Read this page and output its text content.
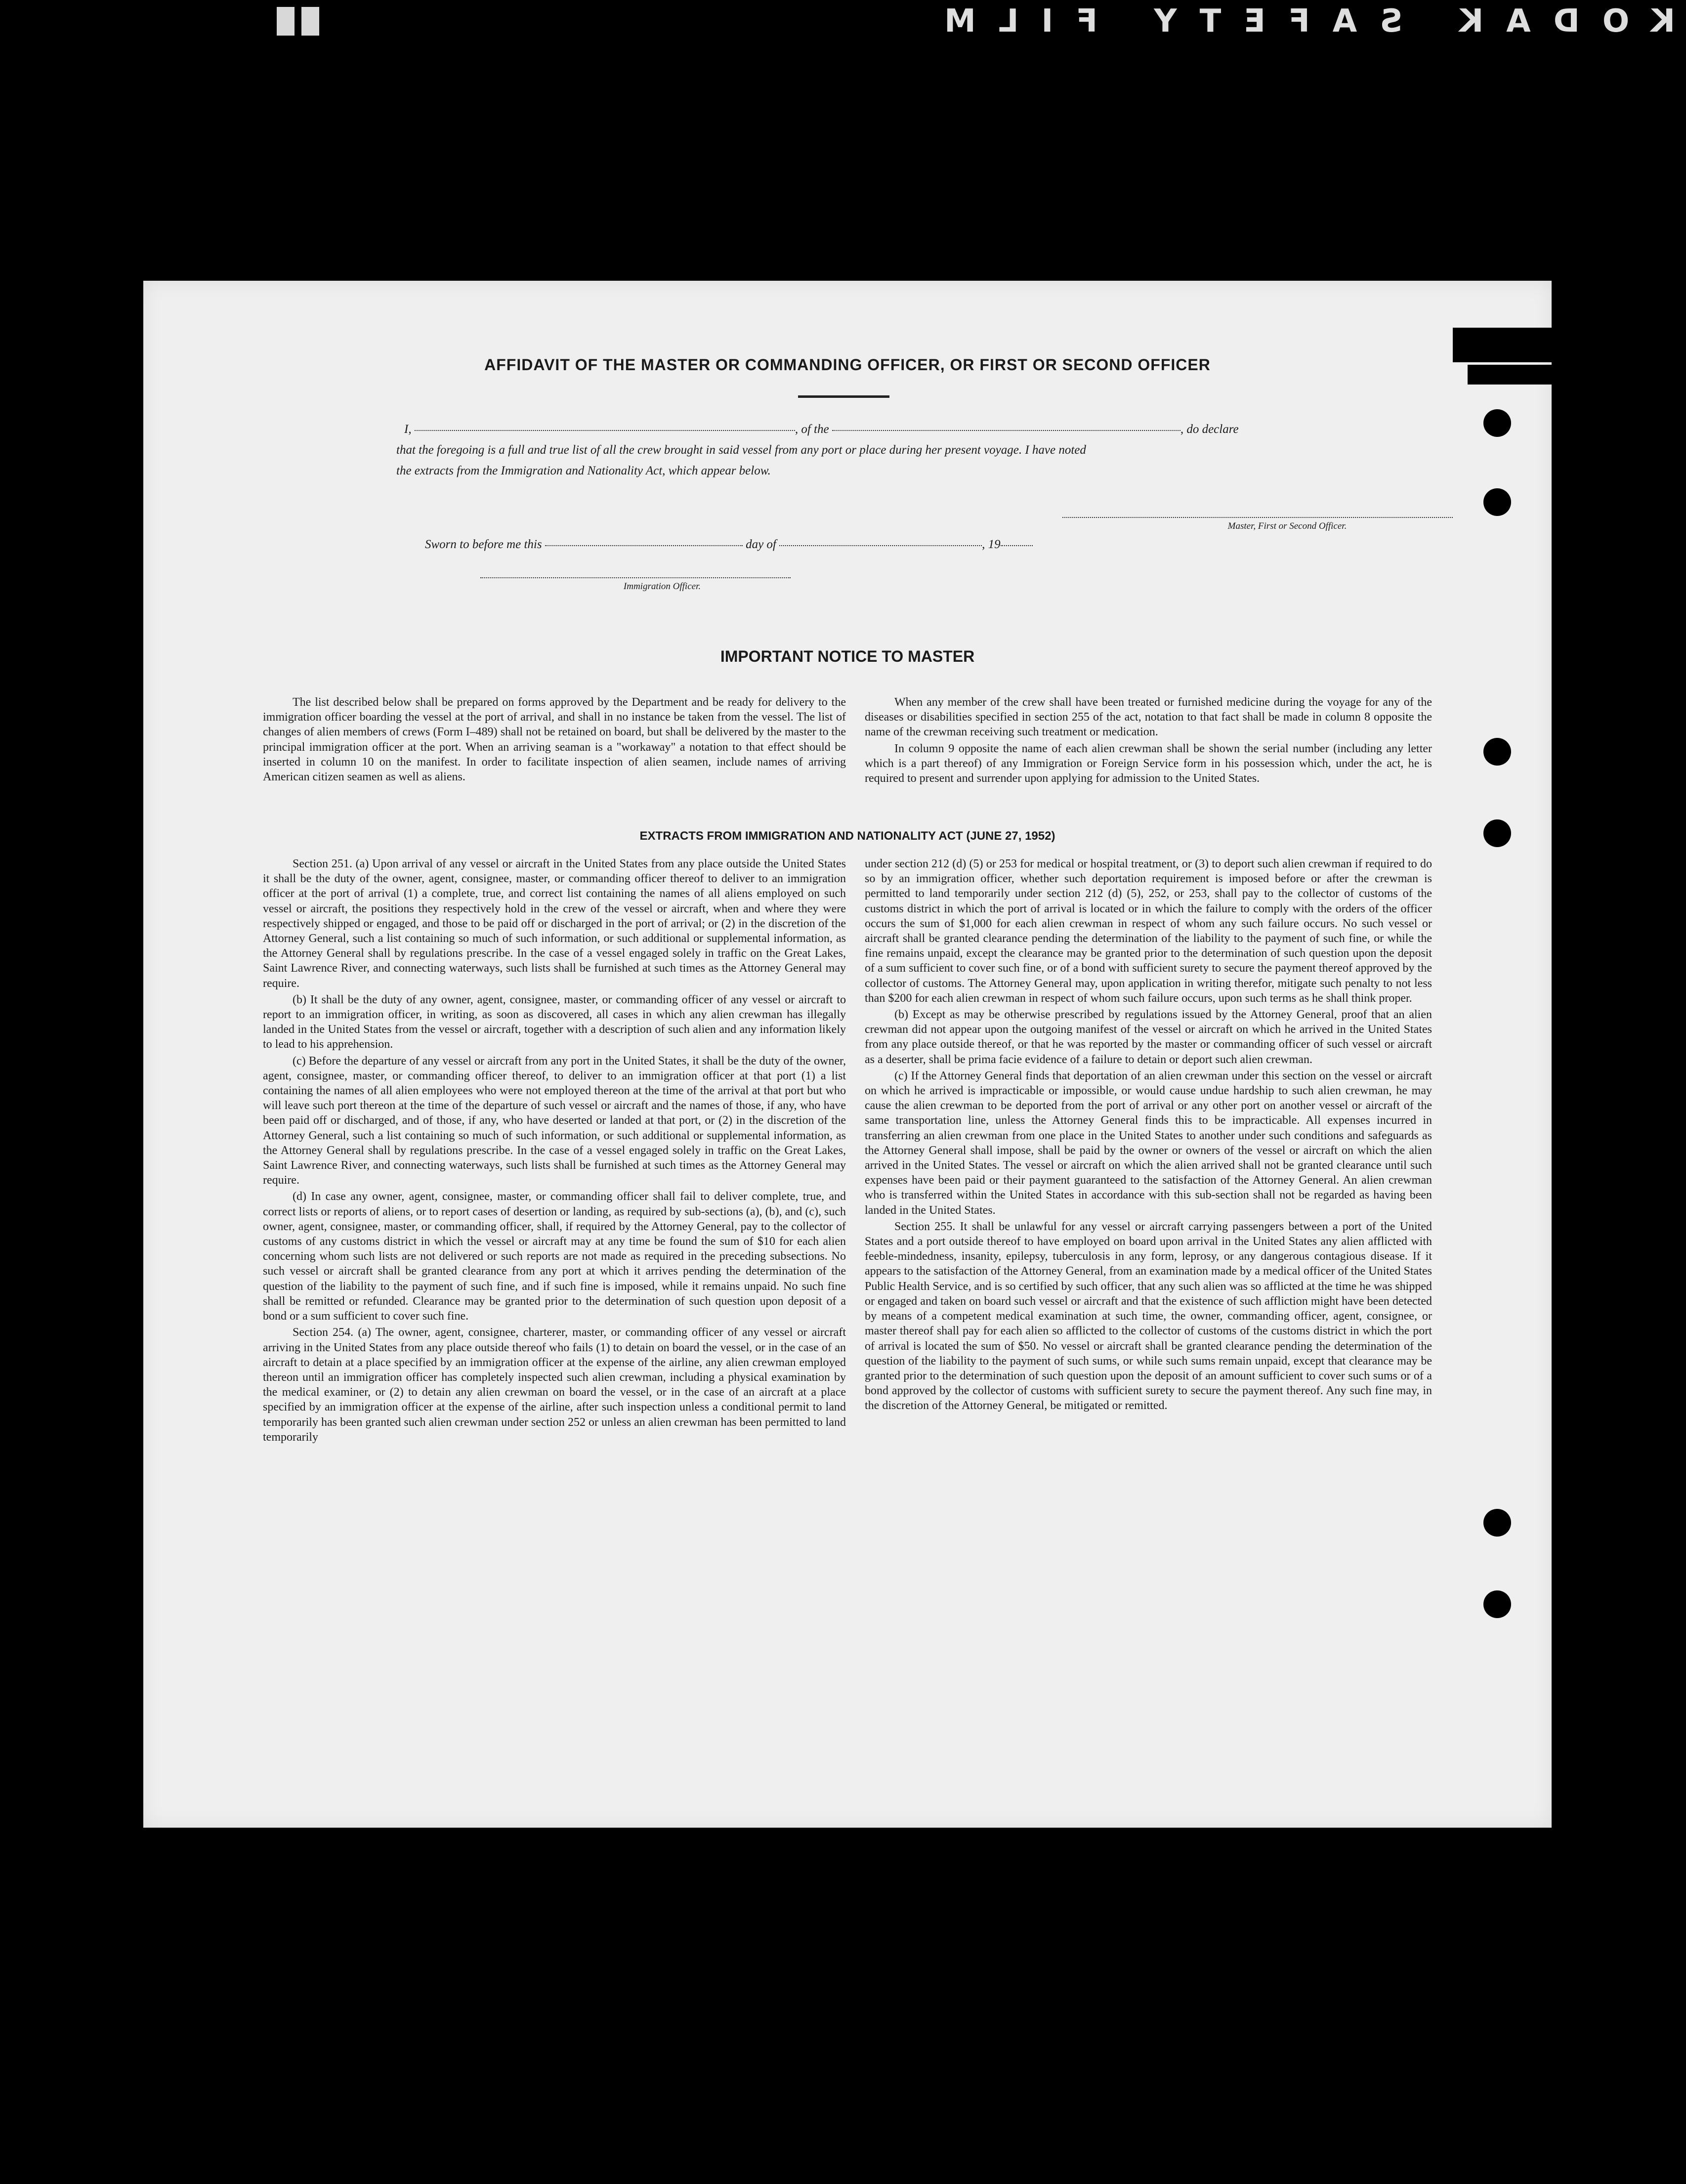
KODAK SAFETY FILM
AFFIDAVIT OF THE MASTER OR COMMANDING OFFICER, OR FIRST OR SECOND OFFICER
I,	, of the	, do declare
that the foregoing is a full and true list of all the crew brought in said vessel from any port or place during her present voyage. I have noted
the extracts from the Immigration and Nationality Act, which appear below.
Master, First or Second Officer.
Sworn to before me this	day of	, 19
Immigration Officer.
IMPORTANT NOTICE TO MASTER

The list described below shall be prepared on forms approved by the Department and be ready for delivery to the immigration officer boarding the vessel at the port of arrival, and shall in no instance be taken from the vessel. The list of changes of alien members of crews (Form I–489) shall not be retained on board, but shall be delivered by the master to the principal immigration officer at the port. When an arriving seaman is a "workaway" a notation to that effect should be inserted in column 10 on the manifest. In order to facilitate inspection of alien seamen, include names of arriving American citizen seamen as well as aliens.

When any member of the crew shall have been treated or furnished medicine during the voyage for any of the diseases or disabilities specified in section 255 of the act, notation to that fact shall be made in column 8 opposite the name of the crewman receiving such treatment or medication.

In column 9 opposite the name of each alien crewman shall be shown the serial number (including any letter which is a part thereof) of any Immigration or Foreign Service form in his possession which, under the act, he is required to present and surrender upon applying for admission to the United States.

EXTRACTS FROM IMMIGRATION AND NATIONALITY ACT (JUNE 27, 1952)

Section 251. (a) Upon arrival of any vessel or aircraft in the United States from any place outside the United States it shall be the duty of the owner, agent, consignee, master, or commanding officer thereof to deliver to an immigration officer at the port of arrival (1) a complete, true, and correct list containing the names of all aliens employed on such vessel or aircraft, the positions they respectively hold in the crew of the vessel or aircraft, when and where they were respectively shipped or engaged, and those to be paid off or discharged in the port of arrival; or (2) in the discretion of the Attorney General, such a list containing so much of such information, or such additional or supplemental information, as the Attorney General shall by regulations prescribe. In the case of a vessel engaged solely in traffic on the Great Lakes, Saint Lawrence River, and connecting waterways, such lists shall be furnished at such times as the Attorney General may require.

(b) It shall be the duty of any owner, agent, consignee, master, or commanding officer of any vessel or aircraft to report to an immigration officer, in writing, as soon as discovered, all cases in which any alien crewman has illegally landed in the United States from the vessel or aircraft, together with a description of such alien and any information likely to lead to his apprehension.

(c) Before the departure of any vessel or aircraft from any port in the United States, it shall be the duty of the owner, agent, consignee, master, or commanding officer thereof, to deliver to an immigration officer at that port (1) a list containing the names of all alien employees who were not employed thereon at the time of the arrival at that port but who will leave such port thereon at the time of the departure of such vessel or aircraft and the names of those, if any, who have been paid off or discharged, and of those, if any, who have deserted or landed at that port, or (2) in the discretion of the Attorney General, such a list containing so much of such information, or such additional or supplemental information, as the Attorney General shall by regulations prescribe. In the case of a vessel engaged solely in traffic on the Great Lakes, Saint Lawrence River, and connecting waterways, such lists shall be furnished at such times as the Attorney General may require.

(d) In case any owner, agent, consignee, master, or commanding officer shall fail to deliver complete, true, and correct lists or reports of aliens, or to report cases of desertion or landing, as required by sub-sections (a), (b), and (c), such owner, agent, consignee, master, or commanding officer, shall, if required by the Attorney General, pay to the collector of customs of any customs district in which the vessel or aircraft may at any time be found the sum of $10 for each alien concerning whom such lists are not delivered or such reports are not made as required in the preceding subsections. No such vessel or aircraft shall be granted clearance from any port at which it arrives pending the determination of the question of the liability to the payment of such fine, and if such fine is imposed, while it remains unpaid. No such fine shall be remitted or refunded. Clearance may be granted prior to the determination of such question upon deposit of a bond or a sum sufficient to cover such fine.

Section 254. (a) The owner, agent, consignee, charterer, master, or commanding officer of any vessel or aircraft arriving in the United States from any place outside thereof who fails (1) to detain on board the vessel, or in the case of an aircraft to detain at a place specified by an immigration officer at the expense of the airline, any alien crewman employed thereon until an immigration officer has completely inspected such alien crewman, including a physical examination by the medical examiner, or (2) to detain any alien crewman on board the vessel, or in the case of an aircraft at a place specified by an immigration officer at the expense of the airline, after such inspection unless a conditional permit to land temporarily has been granted such alien crewman under section 252 or unless an alien crewman has been permitted to land temporarily

under section 212 (d) (5) or 253 for medical or hospital treatment, or (3) to deport such alien crewman if required to do so by an immigration officer, whether such deportation requirement is imposed before or after the crewman is permitted to land temporarily under section 212 (d) (5), 252, or 253, shall pay to the collector of customs of the customs district in which the port of arrival is located or in which the failure to comply with the orders of the officer occurs the sum of $1,000 for each alien crewman in respect of whom any such failure occurs. No such vessel or aircraft shall be granted clearance pending the determination of the liability to the payment of such fine, or while the fine remains unpaid, except the clearance may be granted prior to the determination of such question upon the deposit of a sum sufficient to cover such fine, or of a bond with sufficient surety to secure the payment thereof approved by the collector of customs. The Attorney General may, upon application in writing therefor, mitigate such penalty to not less than $200 for each alien crewman in respect of whom such failure occurs, upon such terms as he shall think proper.

(b) Except as may be otherwise prescribed by regulations issued by the Attorney General, proof that an alien crewman did not appear upon the outgoing manifest of the vessel or aircraft on which he arrived in the United States from any place outside thereof, or that he was reported by the master or commanding officer of such vessel or aircraft as a deserter, shall be prima facie evidence of a failure to detain or deport such alien crewman.

(c) If the Attorney General finds that deportation of an alien crewman under this section on the vessel or aircraft on which he arrived is impracticable or impossible, or would cause undue hardship to such alien crewman, he may cause the alien crewman to be deported from the port of arrival or any other port on another vessel or aircraft of the same transportation line, unless the Attorney General finds this to be impracticable. All expenses incurred in transferring an alien crewman from one place in the United States to another under such conditions and safeguards as the Attorney General shall impose, shall be paid by the owner or owners of the vessel or aircraft on which the alien arrived in the United States. The vessel or aircraft on which the alien arrived shall not be granted clearance until such expenses have been paid or their payment guaranteed to the satisfaction of the Attorney General. An alien crewman who is transferred within the United States in accordance with this sub-section shall not be regarded as having been landed in the United States.

Section 255. It shall be unlawful for any vessel or aircraft carrying passengers between a port of the United States and a port outside thereof to have employed on board upon arrival in the United States any alien afflicted with feeble-mindedness, insanity, epilepsy, tuberculosis in any form, leprosy, or any dangerous contagious disease. If it appears to the satisfaction of the Attorney General, from an examination made by a medical officer of the United States Public Health Service, and is so certified by such officer, that any such alien was so afflicted at the time he was shipped or engaged and taken on board such vessel or aircraft and that the existence of such affliction might have been detected by means of a competent medical examination at such time, the owner, commanding officer, agent, consignee, or master thereof shall pay for each alien so afflicted to the collector of customs of the customs district in which the port of arrival is located the sum of $50. No vessel or aircraft shall be granted clearance pending the determination of the question of the liability to the payment of such sums, or while such sums remain unpaid, except that clearance may be granted prior to the determination of such question upon the deposit of an amount sufficient to cover such sums or of a bond approved by the collector of customs with sufficient surety to secure the payment thereof. Any such fine may, in the discretion of the Attorney General, be mitigated or remitted.
